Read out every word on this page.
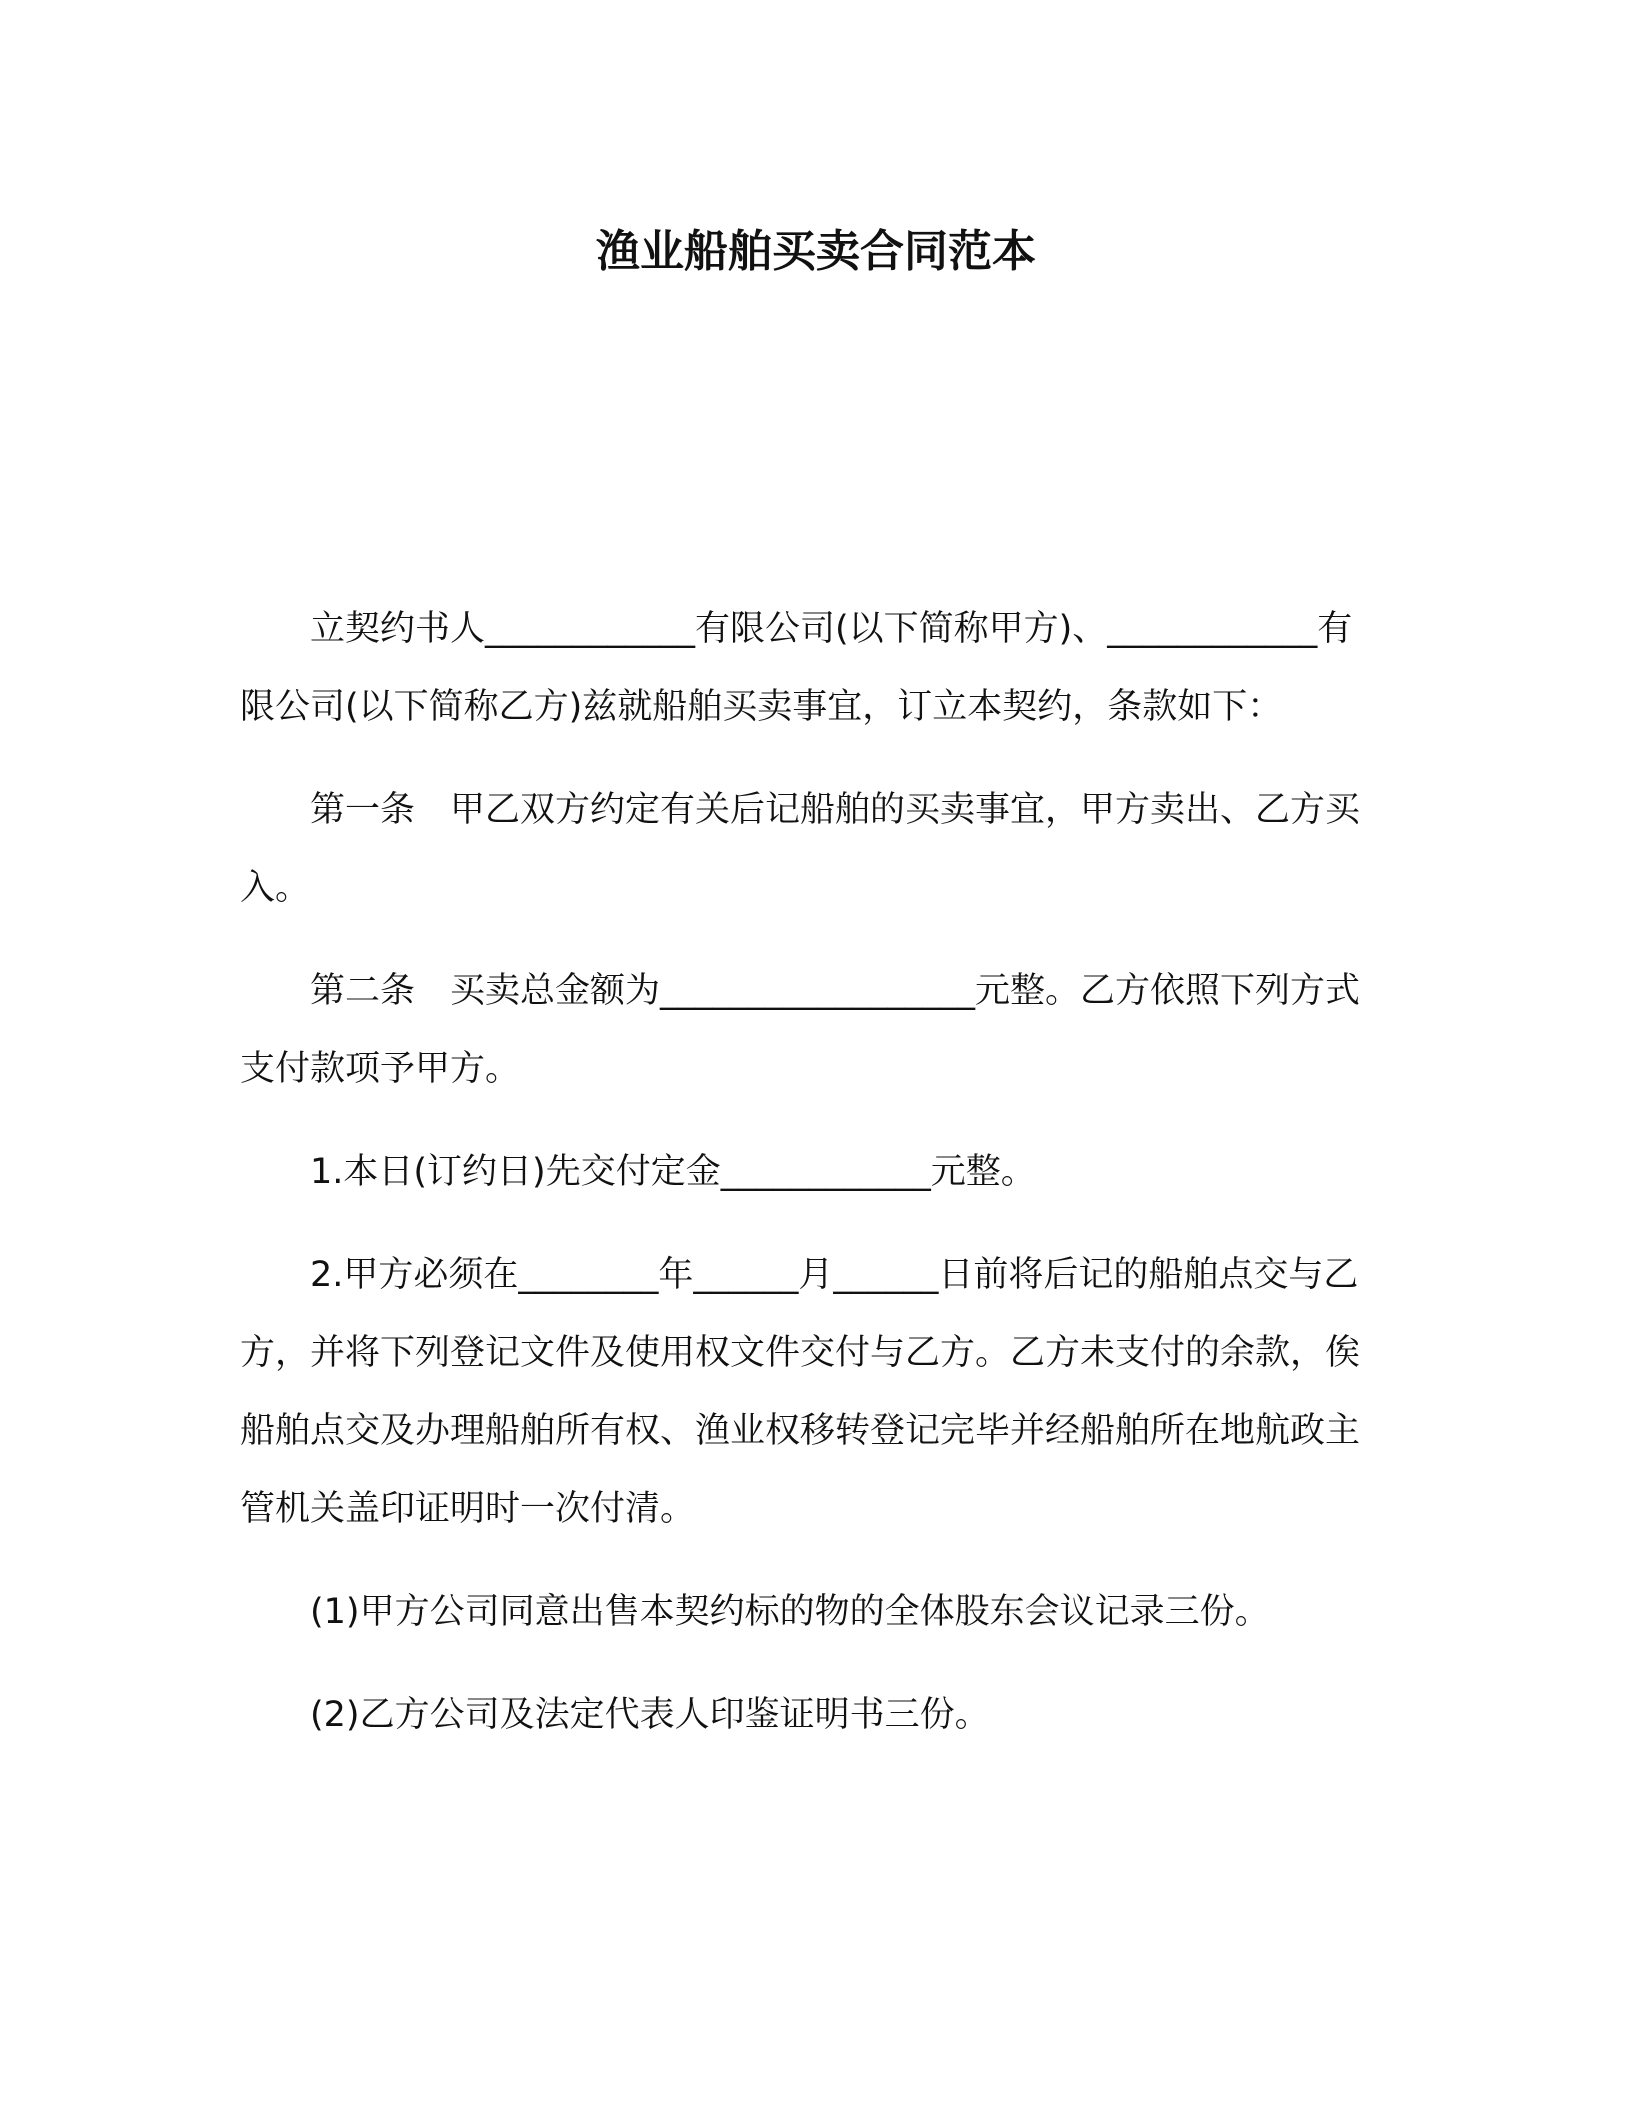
渔业船舶买卖合同范本

立契约书人____________有限公司(以下简称甲方)、____________有限公司(以下简称乙方)兹就船舶买卖事宜，订立本契约，条款如下：

第一条　甲乙双方约定有关后记船舶的买卖事宜，甲方卖出、乙方买入。

第二条　买卖总金额为__________________元整。乙方依照下列方式支付款项予甲方。

1.本日(订约日)先交付定金____________元整。

2.甲方必须在________年______月______日前将后记的船舶点交与乙方，并将下列登记文件及使用权文件交付与乙方。乙方未支付的余款，俟船舶点交及办理船舶所有权、渔业权移转登记完毕并经船舶所在地航政主管机关盖印证明时一次付清。

(1)甲方公司同意出售本契约标的物的全体股东会议记录三份。

(2)乙方公司及法定代表人印鉴证明书三份。
